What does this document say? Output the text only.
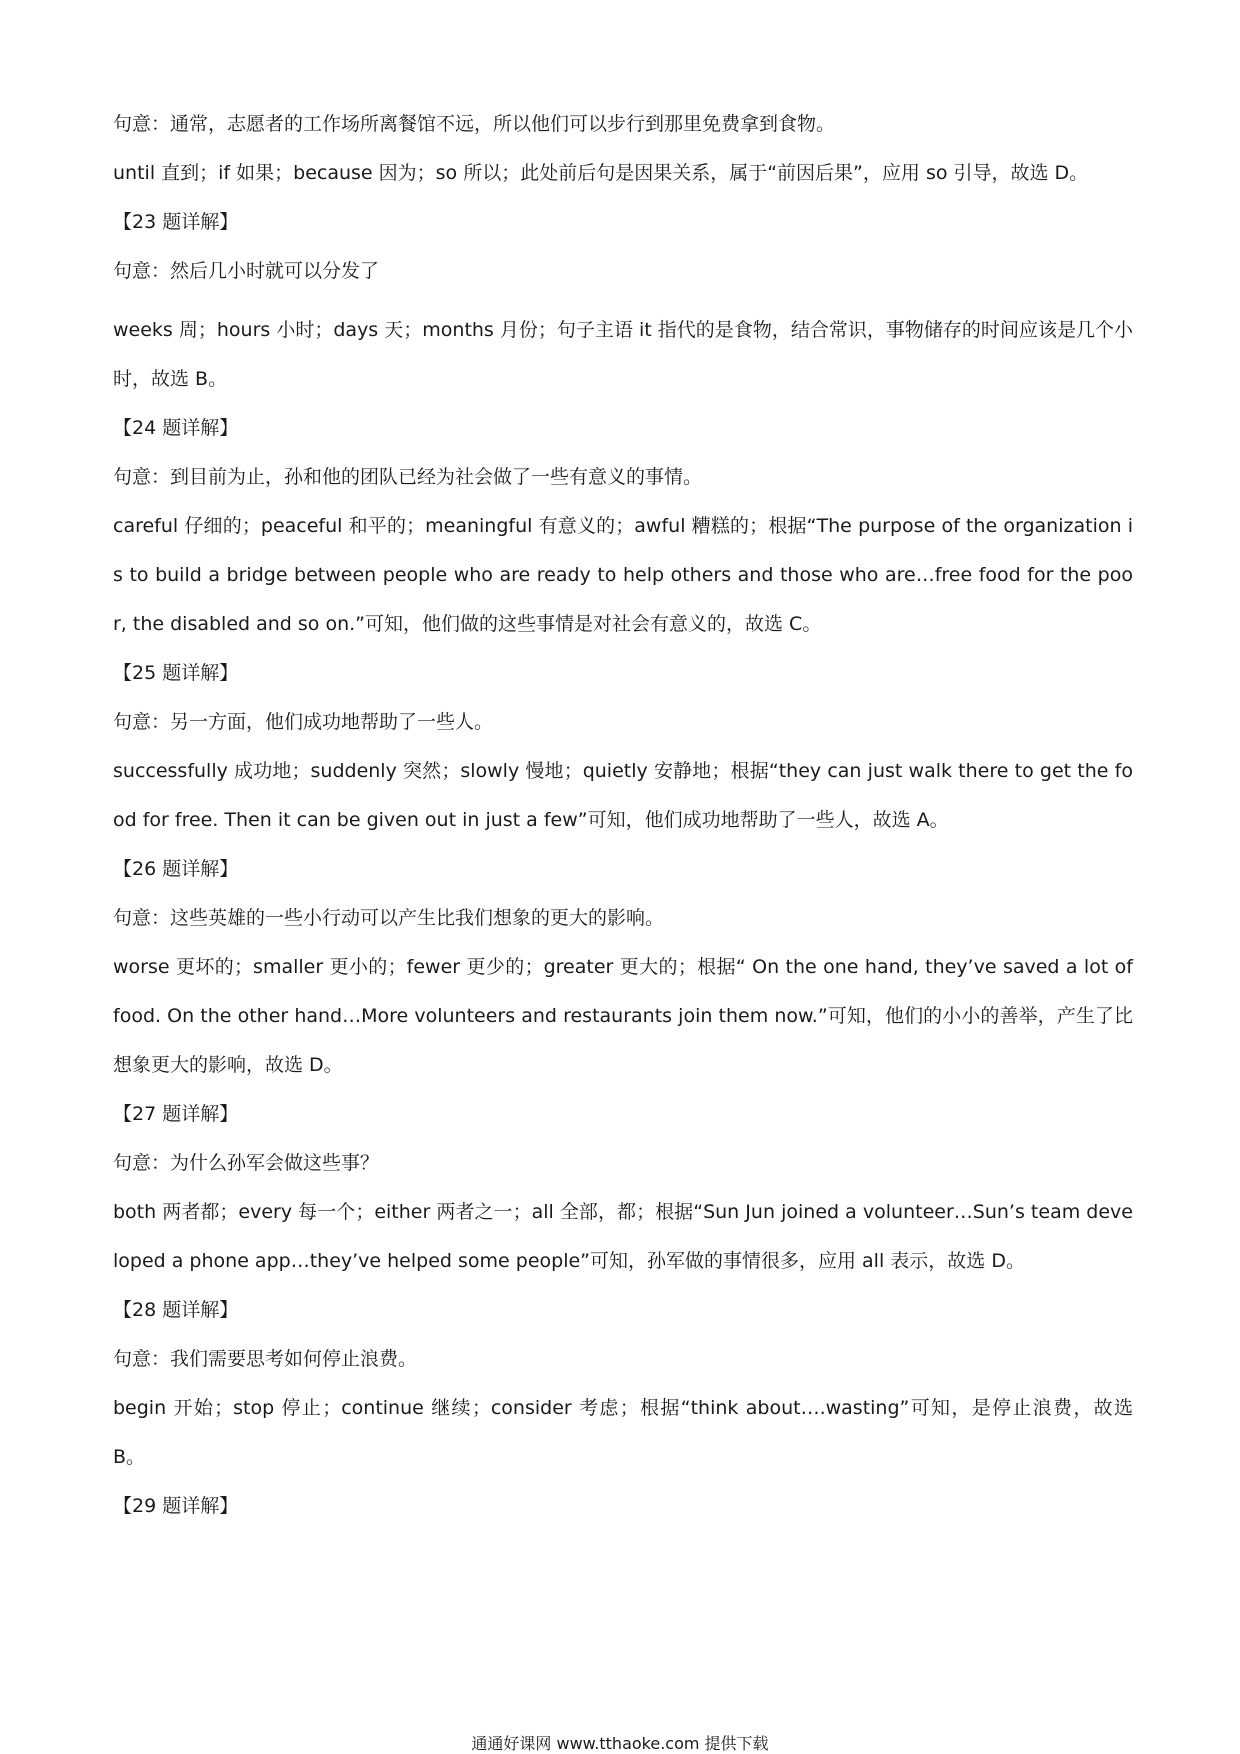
句意：通常，志愿者的工作场所离餐馆不远，所以他们可以步行到那里免费拿到食物。

until 直到；if 如果；because 因为；so 所以；此处前后句是因果关系，属于“前因后果”，应用 so 引导，故选 D。

【23 题详解】

句意：然后几小时就可以分发了

weeks 周；hours 小时；days 天；months 月份；句子主语 it 指代的是食物，结合常识，事物储存的时间应该是几个小时，故选 B。

【24 题详解】

句意：到目前为止，孙和他的团队已经为社会做了一些有意义的事情。

careful 仔细的；peaceful 和平的；meaningful 有意义的；awful 糟糕的；根据“The purpose of the organization is to build a bridge between people who are ready to help others and those who are…free food for the poor, the disabled and so on.”可知，他们做的这些事情是对社会有意义的，故选 C。

【25 题详解】

句意：另一方面，他们成功地帮助了一些人。

successfully 成功地；suddenly 突然；slowly 慢地；quietly 安静地；根据“they can just walk there to get the food for free. Then it can be given out in just a few”可知，他们成功地帮助了一些人，故选 A。

【26 题详解】

句意：这些英雄的一些小行动可以产生比我们想象的更大的影响。

worse 更坏的；smaller 更小的；fewer 更少的；greater 更大的；根据“ On the one hand, they’ve saved a lot of food. On the other hand…More volunteers and restaurants join them now.”可知，他们的小小的善举，产生了比想象更大的影响，故选 D。

【27 题详解】

句意：为什么孙军会做这些事？

both 两者都；every 每一个；either 两者之一；all 全部，都；根据“Sun Jun joined a volunteer…Sun’s team developed a phone app…they’ve helped some people”可知，孙军做的事情很多，应用 all 表示，故选 D。

【28 题详解】

句意：我们需要思考如何停止浪费。

begin 开始；stop 停止；continue 继续；consider 考虑；根据“think about….wasting”可知，是停止浪费，故选 B。

【29 题详解】

通通好课网 www.tthaoke.com 提供下载
